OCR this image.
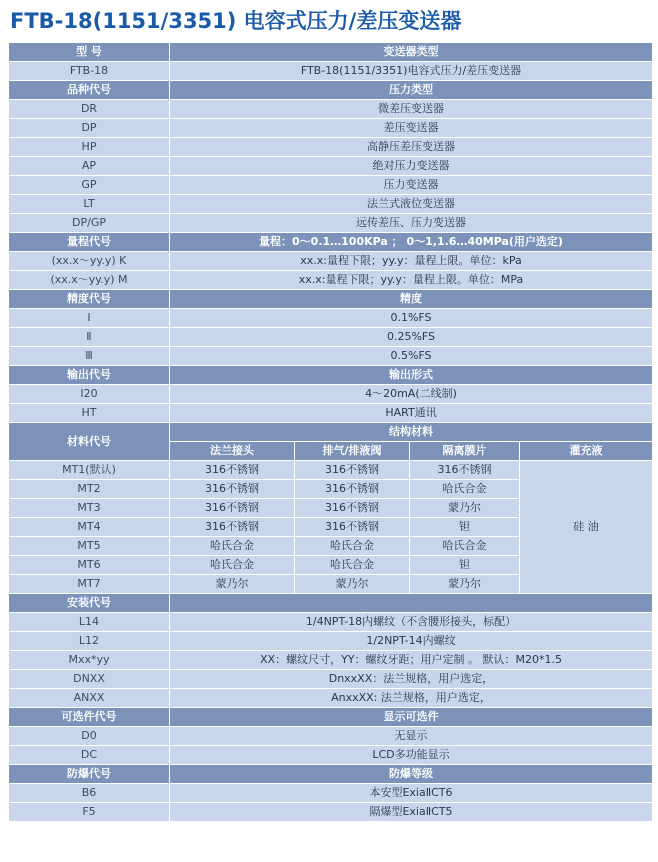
FTB-18(1151/3351) 电容式压力/差压变送器
型 号	变送器类型			
FTB-18	FTB-18(1151/3351)电容式压力/差压变送器			
品种代号	压力类型			
DR	微差压变送器			
DP	差压变送器			
HP	高静压差压变送器			
AP	绝对压力变送器			
GP	压力变送器			
LT	法兰式液位变送器			
DP/GP	远传差压、压力变送器			
量程代号	量程：0～0.1…100KPa ； 0～1,1.6…40MPa(用户选定)			
(xx.x～yy.y) K	xx.x:量程下限；yy.y：量程上限。单位：kPa			
(xx.x～yy.y) M	xx.x:量程下限；yy.y：量程上限。单位：MPa			
精度代号	精度			
Ⅰ	0.1%FS			
Ⅱ	0.25%FS			
Ⅲ	0.5%FS			
输出代号	输出形式			
I20	4～20mA(二线制)			
HT	HART通讯			
材料代号	结构材料			
	法兰接头	排气/排液阀	隔离膜片	灌充液
MT1(默认)	316不锈钢	316不锈钢	316不锈钢	硅 油
MT2	316不锈钢	316不锈钢	哈氏合金	
MT3	316不锈钢	316不锈钢	蒙乃尔	
MT4	316不锈钢	316不锈钢	钽	
MT5	哈氏合金	哈氏合金	哈氏合金	
MT6	哈氏合金	哈氏合金	钽	
MT7	蒙乃尔	蒙乃尔	蒙乃尔	
安装代号				
L14	1/4NPT-18内螺纹（不含腰形接头，标配）			
L12	1/2NPT-14内螺纹			
Mxx*yy	XX：螺纹尺寸，YY：螺纹牙距；用户定制 。 默认：M20*1.5			
DNXX	DnxxXX：法兰规格，用户选定，			
ANXX	AnxxXX: 法兰规格，用户选定，			
可选件代号	显示可选件			
D0	无显示			
DC	LCD多功能显示			
防爆代号	防爆等级			
B6	本安型ExiaⅡCT6			
F5	隔爆型ExiaⅡCT5			
